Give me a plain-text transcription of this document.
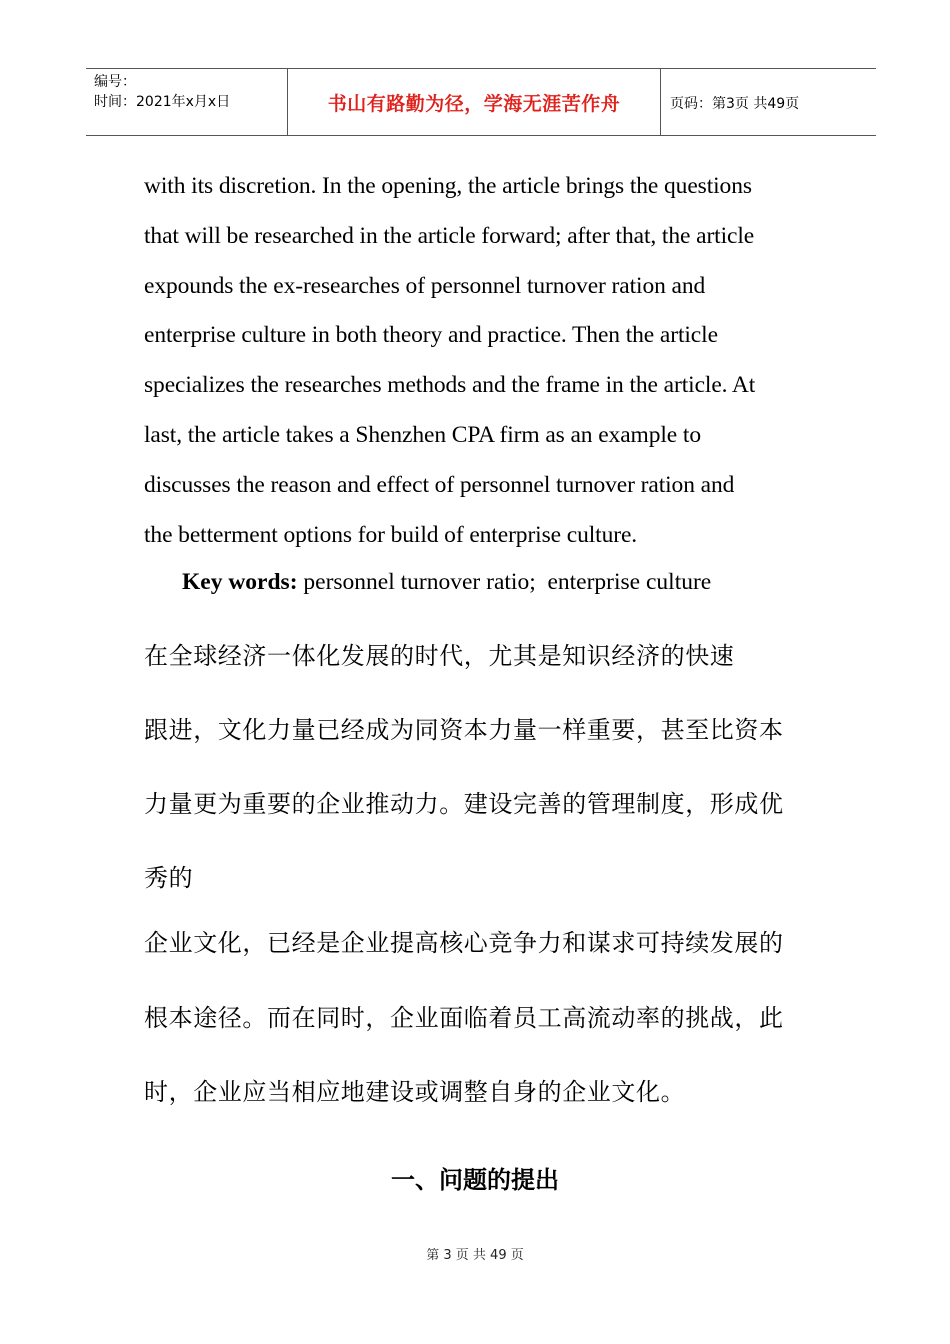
编号：
时间：2021年x月x日	书山有路勤为径，学海无涯苦作舟	页码：第3页 共49页
with its discretion. In the opening, the article brings the questions
that will be researched in the article forward; after that, the article
expounds the ex-researches of personnel turnover ration and
enterprise culture in both theory and practice. Then the article
specializes the researches methods and the frame in the article. At
last, the article takes a Shenzhen CPA firm as an example to
discusses the reason and effect of personnel turnover ration and
the betterment options for build of enterprise culture.
Key words: personnel turnover ratio;  enterprise culture
在全球经济一体化发展的时代，尤其是知识经济的快速
跟进，文化力量已经成为同资本力量一样重要，甚至比资本
力量更为重要的企业推动力。建设完善的管理制度，形成优
秀的
企业文化，已经是企业提高核心竞争力和谋求可持续发展的
根本途径。而在同时，企业面临着员工高流动率的挑战，此
时，企业应当相应地建设或调整自身的企业文化。
一、问题的提出
第 3 页 共 49 页
